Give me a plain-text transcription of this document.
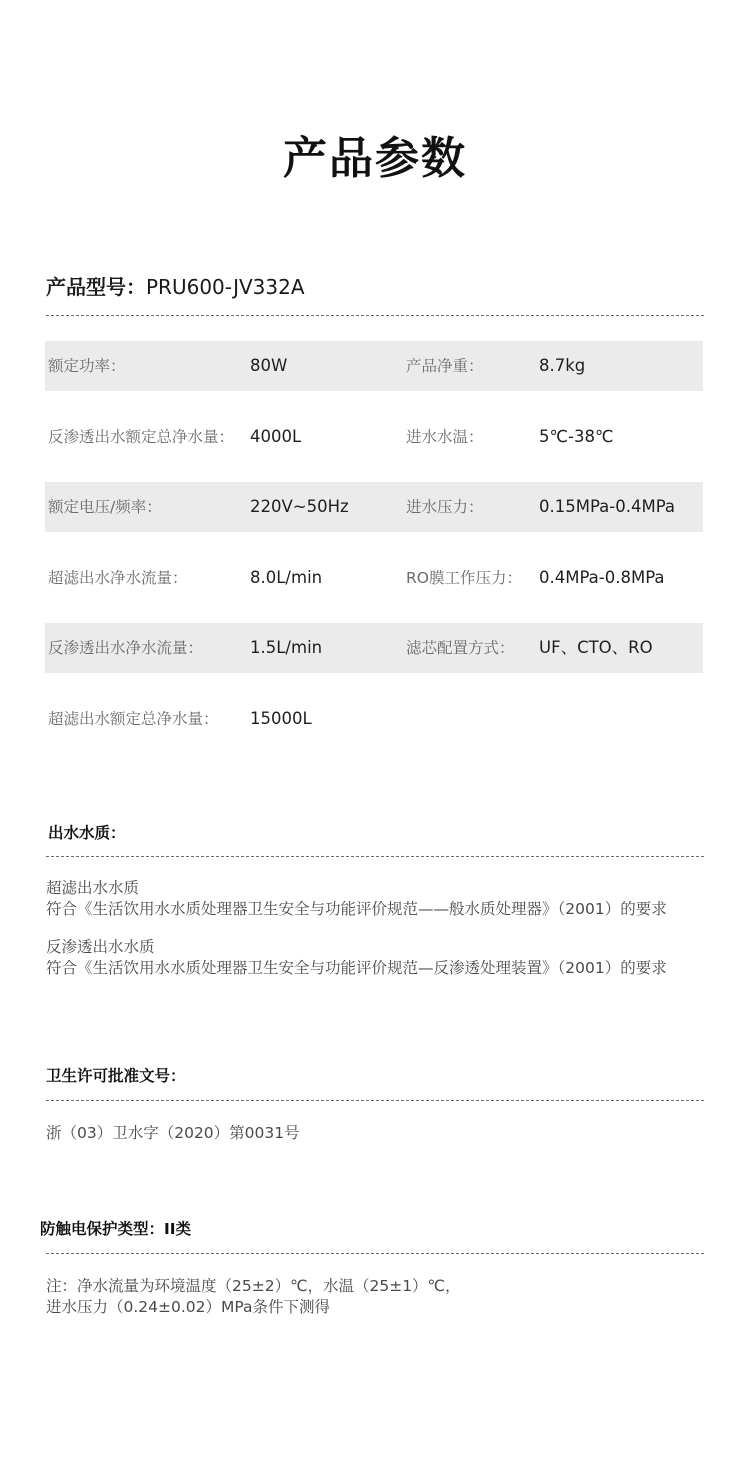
产品参数
产品型号：PRU600-JV332A
额定功率：	80W	产品净重：	8.7kg
反渗透出水额定总净水量： 4000L	进水水温：	5℃-38℃
额定电压/频率：	220V~50Hz	进水压力：	0.15MPa-0.4MPa
超滤出水净水流量：	8.0L/min	RO膜工作压力： 0.4MPa-0.8MPa
反渗透出水净水流量：	1.5L/min	滤芯配置方式： UF、CTO、RO
超滤出水额定总净水量： 15000L
出水水质：
超滤出水水质
符合《生活饮用水水质处理器卫生安全与功能评价规范——般水质处理器》（2001）的要求
反渗透出水水质
符合《生活饮用水水质处理器卫生安全与功能评价规范—反渗透处理装置》（2001）的要求
卫生许可批准文号：
浙（03）卫水字（2020）第0031号
防触电保护类型：II类
注：净水流量为环境温度（25±2）℃，水温（25±1）℃，
进水压力（0.24±0.02）MPa条件下测得
